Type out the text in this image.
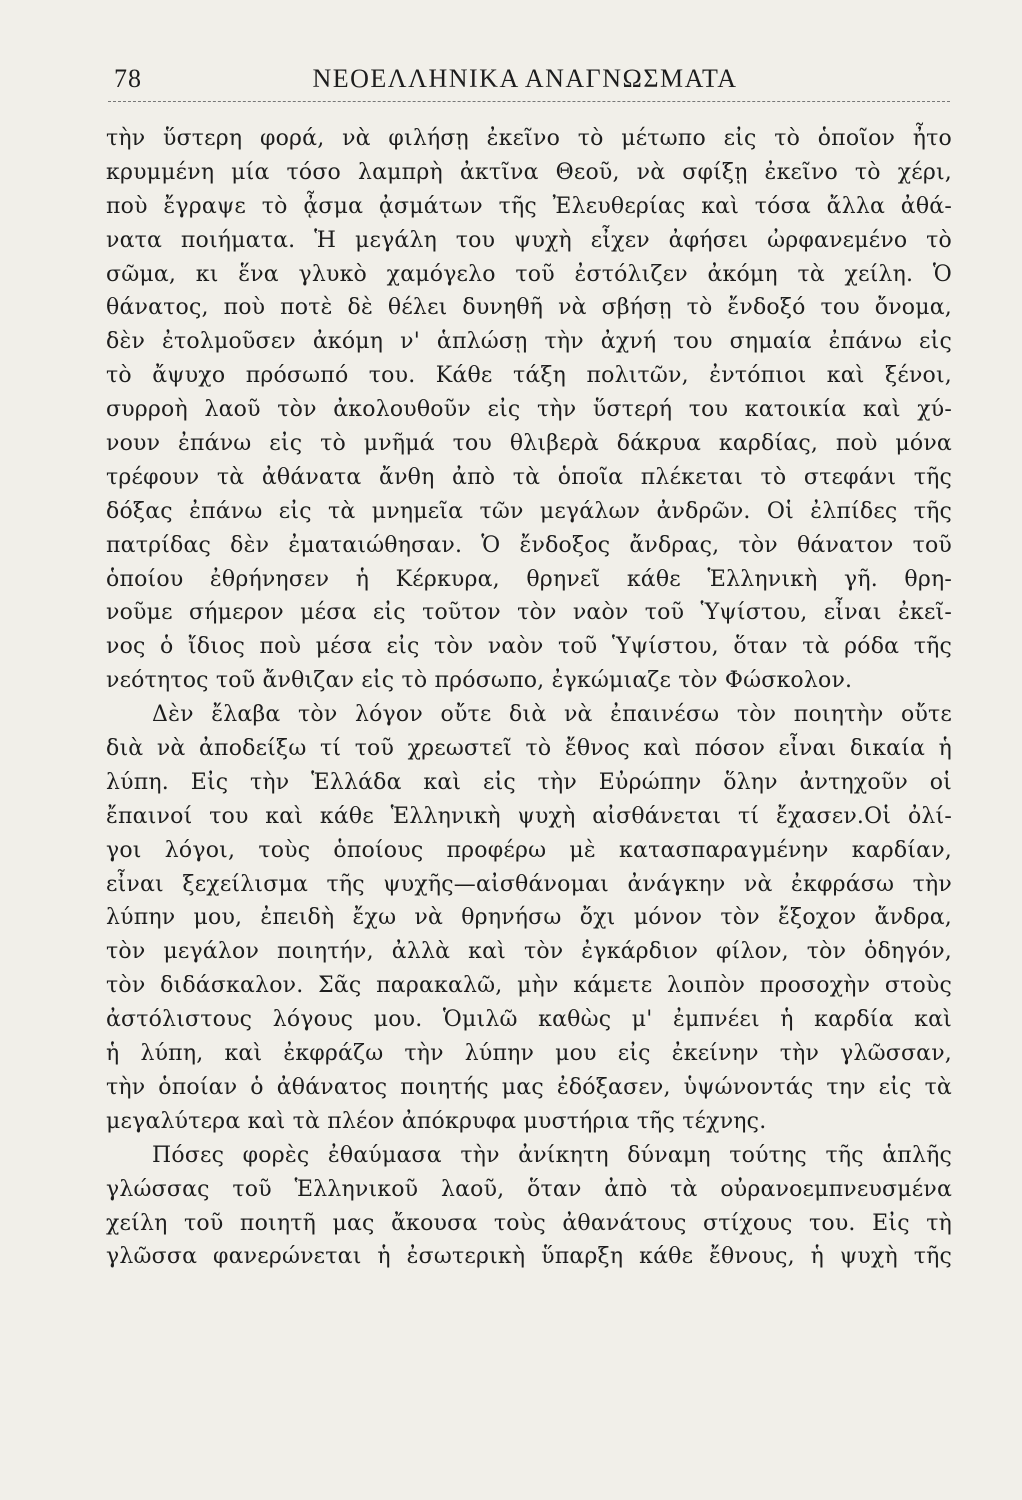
78	ΝΕΟΕΛΛΗΝΙΚΑ ΑΝΑΓΝΩΣΜΑΤΑ
τὴν ὕστερη φορά, νὰ φιλήσῃ ἐκεῖνο τὸ μέτωπο εἰς τὸ ὁποῖον ἦτο
κρυμμένη μία τόσο λαμπρὴ ἀκτῖνα Θεοῦ, νὰ σφίξῃ ἐκεῖνο τὸ χέρι,
ποὺ ἔγραψε τὸ ᾆσμα ᾀσμάτων τῆς Ἐλευθερίας καὶ τόσα ἄλλα ἀθά-
νατα ποιήματα. Ἡ μεγάλη του ψυχὴ εἶχεν ἀφήσει ὠρφανεμένο τὸ
σῶμα, κι ἕνα γλυκὸ χαμόγελο τοῦ ἐστόλιζεν ἀκόμη τὰ χείλη. Ὁ
θάνατος, ποὺ ποτὲ δὲ θέλει δυνηθῆ νὰ σβήσῃ τὸ ἔνδοξό του ὄνομα,
δὲν ἐτολμοῦσεν ἀκόμη ν' ἁπλώσῃ τὴν ἀχνή του σημαία ἐπάνω εἰς
τὸ ἄψυχο πρόσωπό του. Κάθε τάξη πολιτῶν, ἐντόπιοι καὶ ξένοι,
συρροὴ λαοῦ τὸν ἀκολουθοῦν εἰς τὴν ὕστερή του κατοικία καὶ χύ-
νουν ἐπάνω εἰς τὸ μνῆμά του θλιβερὰ δάκρυα καρδίας, ποὺ μόνα
τρέφουν τὰ ἀθάνατα ἄνθη ἀπὸ τὰ ὁποῖα πλέκεται τὸ στεφάνι τῆς
δόξας ἐπάνω εἰς τὰ μνημεῖα τῶν μεγάλων ἀνδρῶν. Οἱ ἐλπίδες τῆς
πατρίδας δὲν ἐματαιώθησαν. Ὁ ἔνδοξος ἄνδρας, τὸν θάνατον τοῦ
ὁποίου ἐθρήνησεν ἡ Κέρκυρα, θρηνεῖ κάθε Ἑλληνικὴ γῆ. θρη-
νοῦμε σήμερον μέσα εἰς τοῦτον τὸν ναὸν τοῦ Ὑψίστου, εἶναι ἐκεῖ-
νος ὁ ἴδιος ποὺ μέσα εἰς τὸν ναὸν τοῦ Ὑψίστου, ὅταν τὰ ρόδα τῆς
νεότητος τοῦ ἄνθιζαν εἰς τὸ πρόσωπο, ἐγκώμιαζε τὸν Φώσκολον.
Δὲν ἔλαβα τὸν λόγον οὔτε διὰ νὰ ἐπαινέσω τὸν ποιητὴν οὔτε
διὰ νὰ ἀποδείξω τί τοῦ χρεωστεῖ τὸ ἔθνος καὶ πόσον εἶναι δικαία ἡ
λύπη. Εἰς τὴν Ἑλλάδα καὶ εἰς τὴν Εὐρώπην ὅλην ἀντηχοῦν οἱ
ἔπαινοί του καὶ κάθε Ἑλληνικὴ ψυχὴ αἰσθάνεται τί ἔχασεν.Οἱ ὀλί-
γοι λόγοι, τοὺς ὁποίους προφέρω μὲ κατασπαραγμένην καρδίαν,
εἶναι ξεχείλισμα τῆς ψυχῆς—αἰσθάνομαι ἀνάγκην νὰ ἐκφράσω τὴν
λύπην μου, ἐπειδὴ ἔχω νὰ θρηνήσω ὄχι μόνον τὸν ἔξοχον ἄνδρα,
τὸν μεγάλον ποιητήν, ἀλλὰ καὶ τὸν ἐγκάρδιον φίλον, τὸν ὁδηγόν,
τὸν διδάσκαλον. Σᾶς παρακαλῶ, μὴν κάμετε λοιπὸν προσοχὴν στοὺς
ἀστόλιστους λόγους μου. Ὁμιλῶ καθὼς μ' ἐμπνέει ἡ καρδία καὶ
ἡ λύπη, καὶ ἐκφράζω τὴν λύπην μου εἰς ἐκείνην τὴν γλῶσσαν,
τὴν ὁποίαν ὁ ἀθάνατος ποιητής μας ἐδόξασεν, ὑψώνοντάς την εἰς τὰ
μεγαλύτερα καὶ τὰ πλέον ἀπόκρυφα μυστήρια τῆς τέχνης.
Πόσες φορὲς ἐθαύμασα τὴν ἀνίκητη δύναμη τούτης τῆς ἁπλῆς
γλώσσας τοῦ Ἑλληνικοῦ λαοῦ, ὅταν ἀπὸ τὰ οὐρανοεμπνευσμένα
χείλη τοῦ ποιητῆ μας ἄκουσα τοὺς ἀθανάτους στίχους του. Εἰς τὴ
γλῶσσα φανερώνεται ἡ ἐσωτερικὴ ὕπαρξη κάθε ἔθνους, ἡ ψυχὴ τῆς
